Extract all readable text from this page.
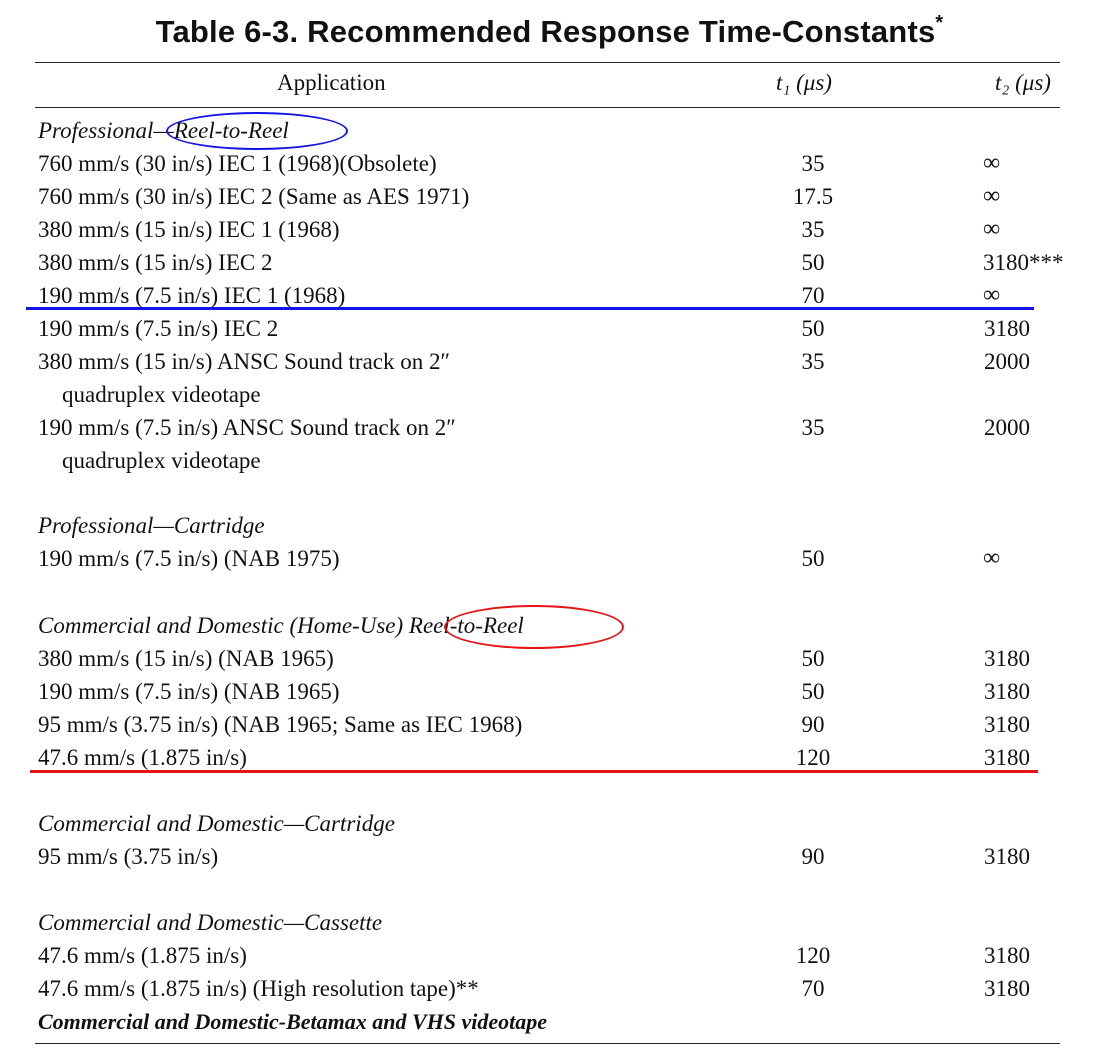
Table 6-3. Recommended Response Time-Constants*
Application	t₁ (μs)	t₂ (μs)
Professional—Reel-to-Reel
760 mm/s (30 in/s) IEC 1 (1968)(Obsolete)	35	∞
760 mm/s (30 in/s) IEC 2 (Same as AES 1971)	17.5	∞
380 mm/s (15 in/s) IEC 1 (1968)	35	∞
380 mm/s (15 in/s) IEC 2	50	3180***
190 mm/s (7.5 in/s) IEC 1 (1968)	70	∞
190 mm/s (7.5 in/s) IEC 2	50	3180
380 mm/s (15 in/s) ANSC Sound track on 2″	35	2000
quadruplex videotape
190 mm/s (7.5 in/s) ANSC Sound track on 2″	35	2000
quadruplex videotape
Professional—Cartridge
190 mm/s (7.5 in/s) (NAB 1975)	50	∞
Commercial and Domestic (Home-Use) Reel-to-Reel
380 mm/s (15 in/s) (NAB 1965)	50	3180
190 mm/s (7.5 in/s) (NAB 1965)	50	3180
95 mm/s (3.75 in/s) (NAB 1965; Same as IEC 1968)	90	3180
47.6 mm/s (1.875 in/s)	120	3180
Commercial and Domestic—Cartridge
95 mm/s (3.75 in/s)	90	3180
Commercial and Domestic—Cassette
47.6 mm/s (1.875 in/s)	120	3180
47.6 mm/s (1.875 in/s) (High resolution tape)**	70	3180
Commercial and Domestic-Betamax and VHS videotape
